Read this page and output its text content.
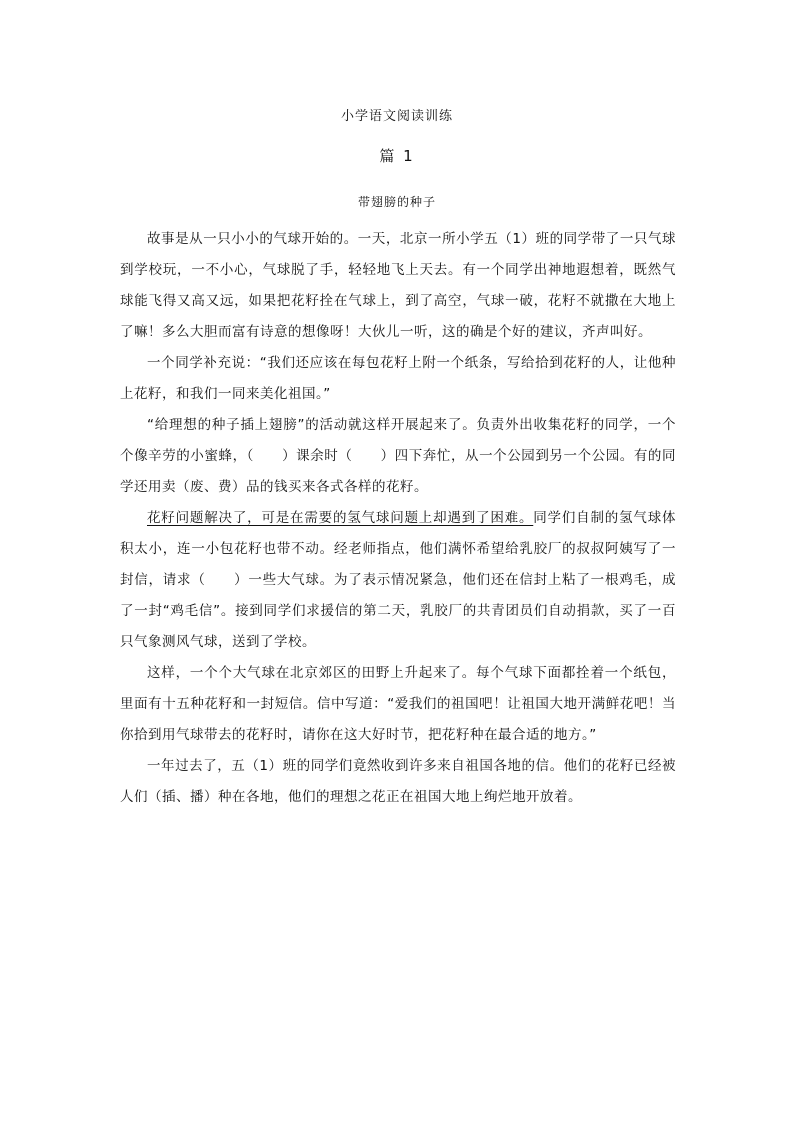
小学语文阅读训练
篇 1
带翅膀的种子

故事是从一只小小的气球开始的。一天，北京一所小学五（1）班的同学带了一只气球到学校玩，一不小心，气球脱了手，轻轻地飞上天去。有一个同学出神地遐想着，既然气球能飞得又高又远，如果把花籽拴在气球上，到了高空，气球一破，花籽不就撒在大地上了嘛！多么大胆而富有诗意的想像呀！大伙儿一听，这的确是个好的建议，齐声叫好。

一个同学补充说：“我们还应该在每包花籽上附一个纸条，写给拾到花籽的人，让他种上花籽，和我们一同来美化祖国。”

“给理想的种子插上翅膀”的活动就这样开展起来了。负责外出收集花籽的同学，一个个像辛劳的小蜜蜂，（　　）课余时（　　）四下奔忙，从一个公园到另一个公园。有的同学还用卖（废、费）品的钱买来各式各样的花籽。

花籽问题解决了，可是在需要的氢气球问题上却遇到了困难。同学们自制的氢气球体积太小，连一小包花籽也带不动。经老师指点，他们满怀希望给乳胶厂的叔叔阿姨写了一封信，请求（　　）一些大气球。为了表示情况紧急，他们还在信封上粘了一根鸡毛，成了一封“鸡毛信”。接到同学们求援信的第二天，乳胶厂的共青团员们自动捐款，买了一百只气象测风气球，送到了学校。

这样，一个个大气球在北京郊区的田野上升起来了。每个气球下面都拴着一个纸包，里面有十五种花籽和一封短信。信中写道：“爱我们的祖国吧！让祖国大地开满鲜花吧！当你拾到用气球带去的花籽时，请你在这大好时节，把花籽种在最合适的地方。”

一年过去了，五（1）班的同学们竟然收到许多来自祖国各地的信。他们的花籽已经被人们（插、播）种在各地，他们的理想之花正在祖国大地上绚烂地开放着。
